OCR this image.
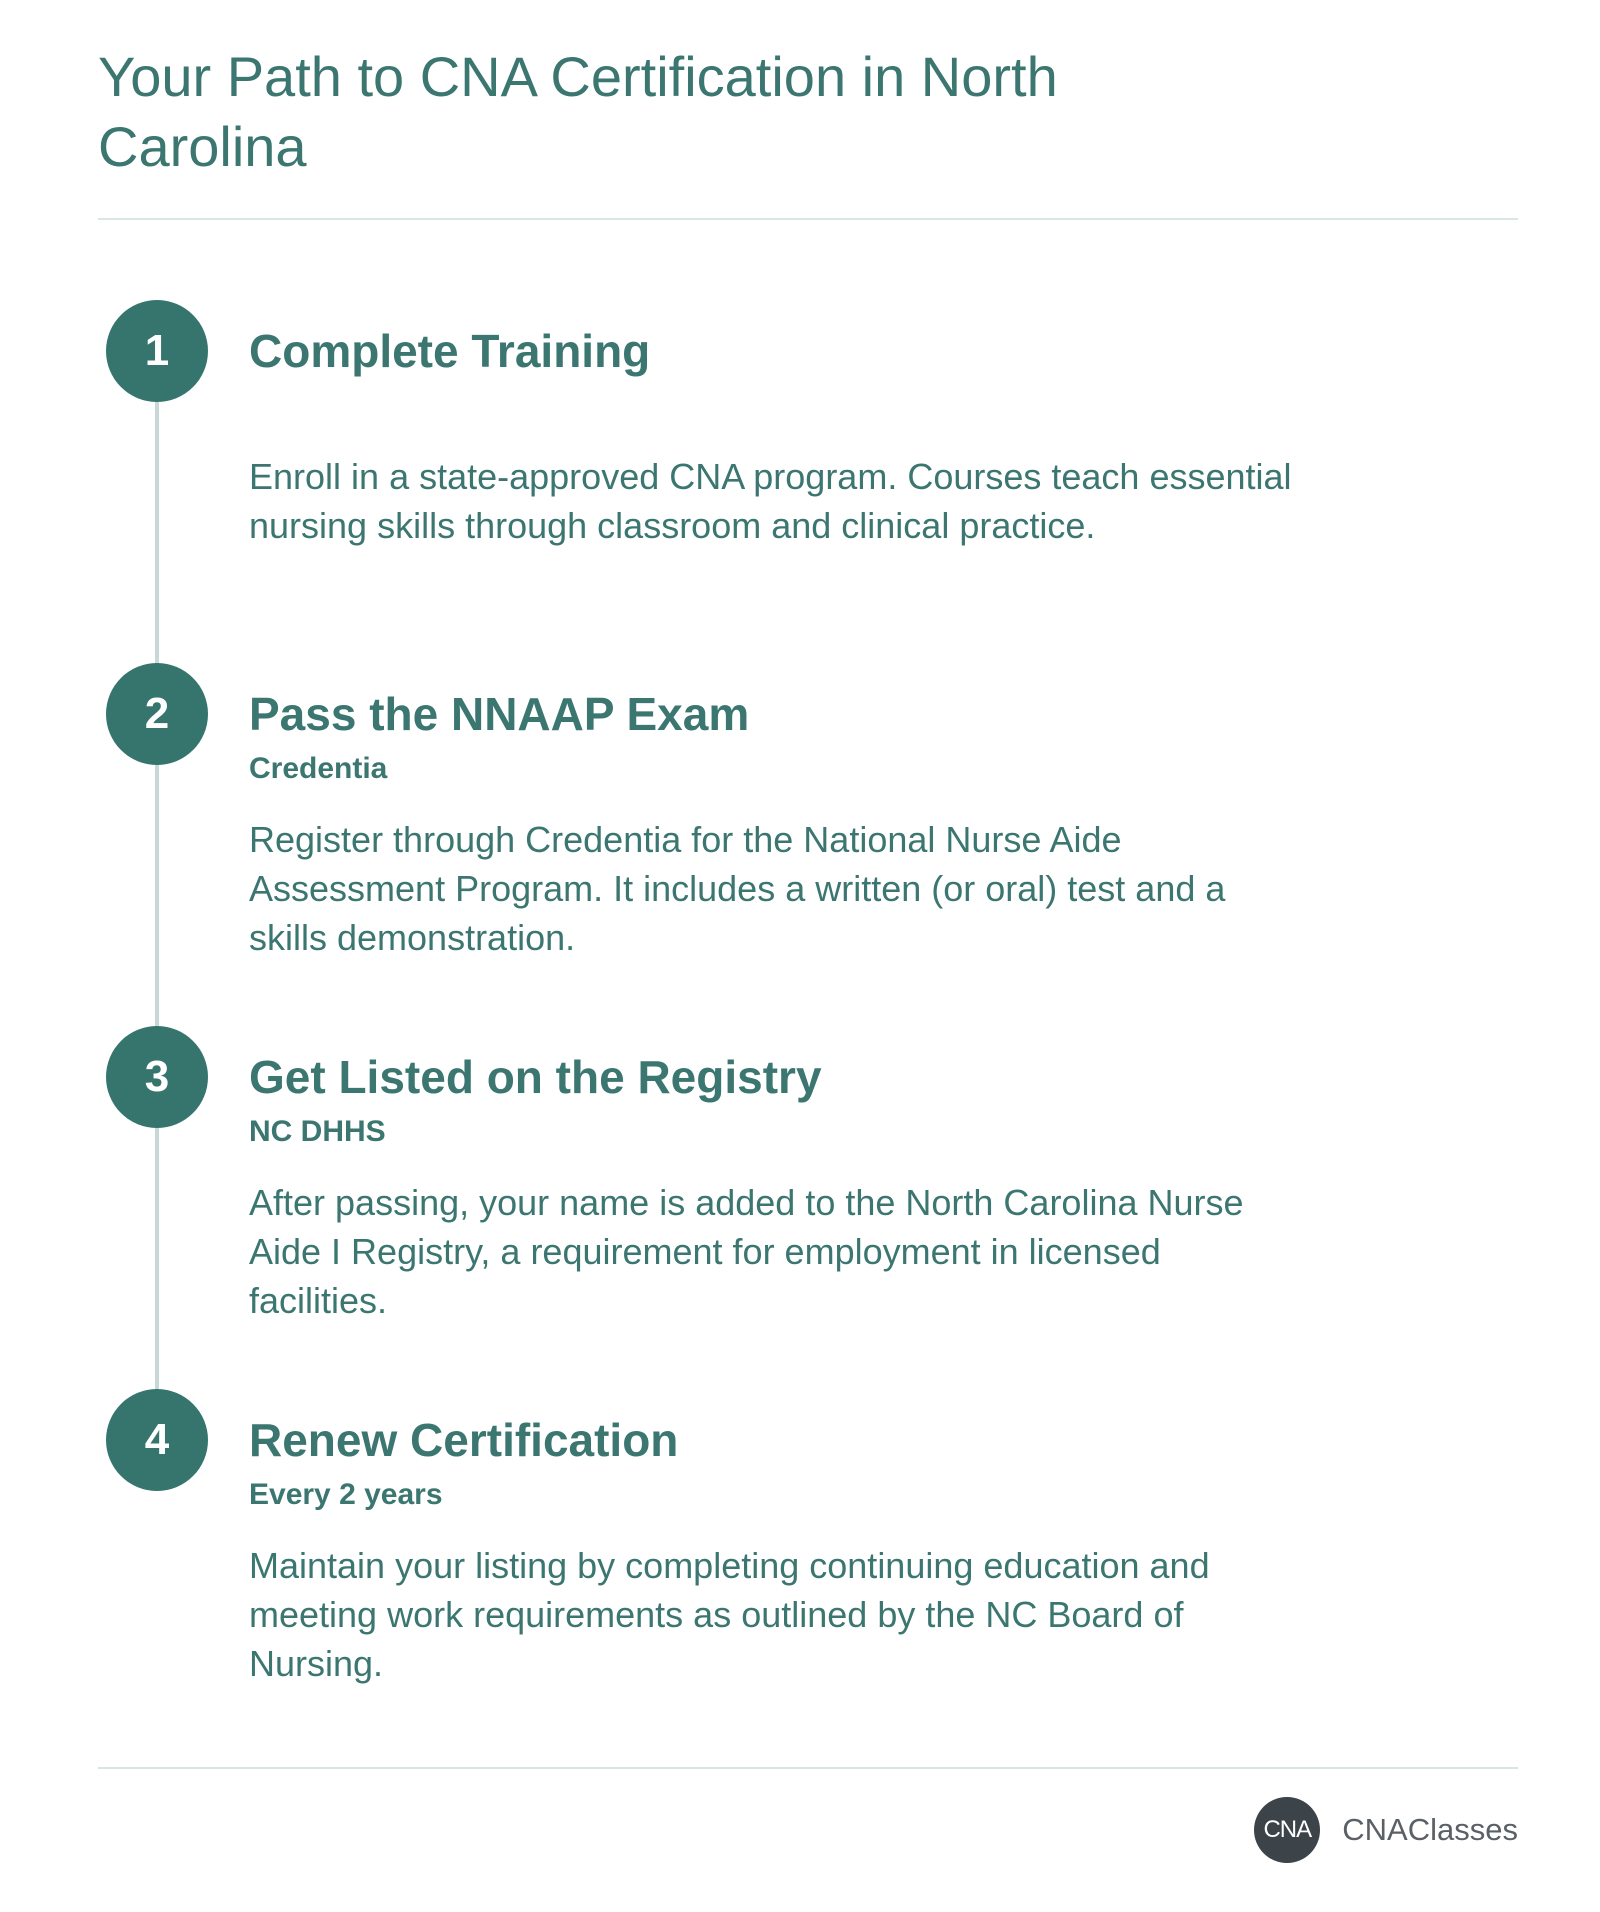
Your Path to CNA Certification in North Carolina
1	Complete Training

Enroll in a state-approved CNA program. Courses teach essential nursing skills through classroom and clinical practice.

2	Pass the NNAAP Exam
Credentia

Register through Credentia for the National Nurse Aide Assessment Program. It includes a written (or oral) test and a skills demonstration.

3	Get Listed on the Registry
NC DHHS

After passing, your name is added to the North Carolina Nurse Aide I Registry, a requirement for employment in licensed facilities.

4	Renew Certification
Every 2 years

Maintain your listing by completing continuing education and meeting work requirements as outlined by the NC Board of Nursing.

CNA CNAClasses
